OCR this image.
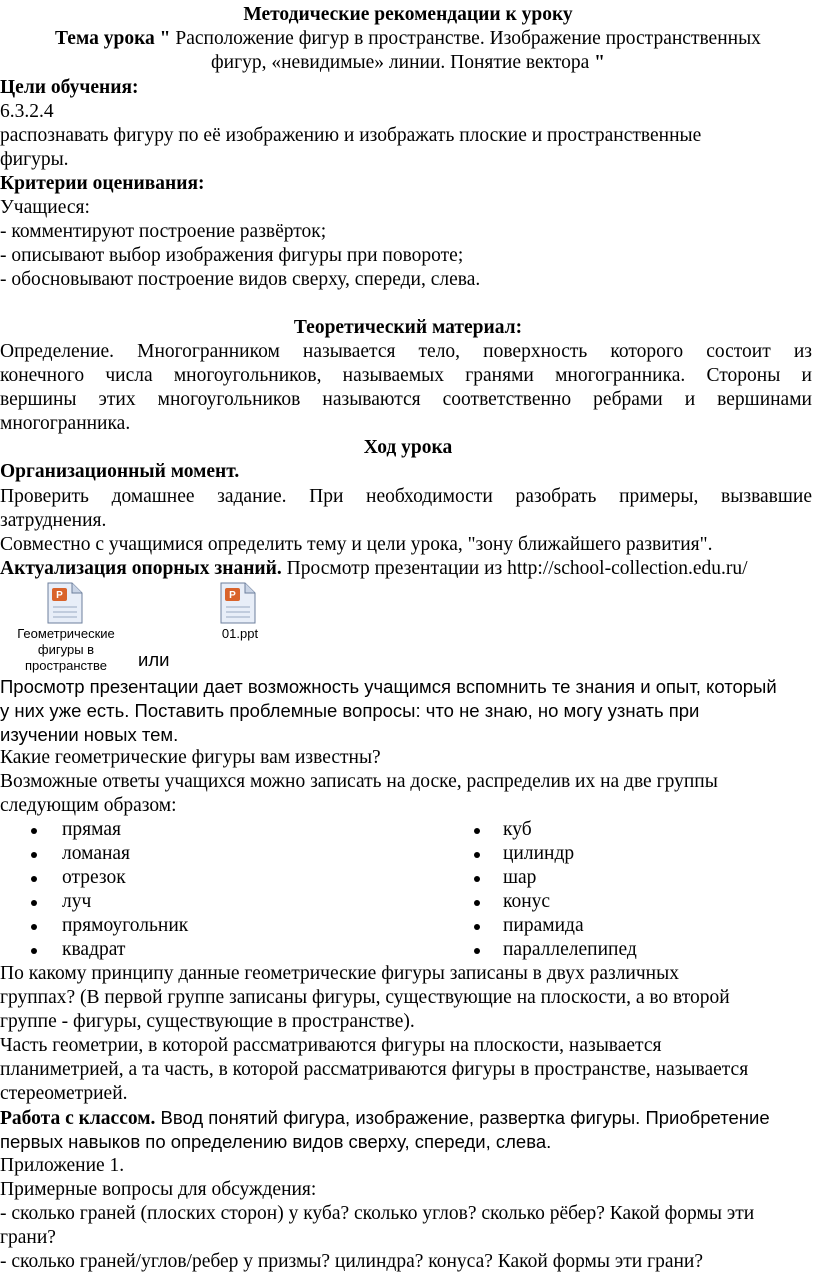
Методические рекомендации к уроку
Тема урока " Расположение фигур в пространстве. Изображение пространственных
фигур, «невидимые» линии. Понятие вектора "
Цели обучения:
6.3.2.4
распознавать фигуру по её изображению и изображать плоские и пространственные
фигуры.
Критерии оценивания:
Учащиеся:
- комментируют построение развёрток;
- описывают выбор изображения фигуры при повороте;
- обосновывают построение видов сверху, спереди, слева.
Теоретический материал:
Определение. Многогранником называется тело, поверхность которого состоит из
конечного числа многоугольников, называемых гранями многогранника. Стороны и
вершины этих многоугольников называются соответственно ребрами и вершинами
многогранника.
Ход урока
Организационный момент.
Проверить домашнее задание. При необходимости разобрать примеры, вызвавшие
затруднения.
Совместно с учащимися определить тему и цели урока, "зону ближайшего развития".
Актуализация опорных знаний. Просмотр презентации из http://school-collection.edu.ru/
P
Геометрические фигуры в пространстве
P
01.ppt
или
Просмотр презентации дает возможность учащимся вспомнить те знания и опыт, который
у них уже есть. Поставить проблемные вопросы: что не знаю, но могу узнать при
изучении новых тем.
Какие геометрические фигуры вам известны?
Возможные ответы учащихся можно записать на доске, распределив их на две группы
следующим образом:
прямая
ломаная
отрезок
луч
прямоугольник
квадрат
куб
цилиндр
шар
конус
пирамида
параллелепипед
По какому принципу данные геометрические фигуры записаны в двух различных
группах? (В первой группе записаны фигуры, существующие на плоскости, а во второй
группе - фигуры, существующие в пространстве).
Часть геометрии, в которой рассматриваются фигуры на плоскости, называется
планиметрией, а та часть, в которой рассматриваются фигуры в пространстве, называется
стереометрией.
Работа с классом. Ввод понятий фигура, изображение, развертка фигуры. Приобретение
первых навыков по определению видов сверху, спереди, слева.
Приложение 1.
Примерные вопросы для обсуждения:
- сколько граней (плоских сторон) у куба? сколько углов? сколько рёбер? Какой формы эти
грани?
- сколько граней/углов/ребер у призмы? цилиндра? конуса? Какой формы эти грани?
